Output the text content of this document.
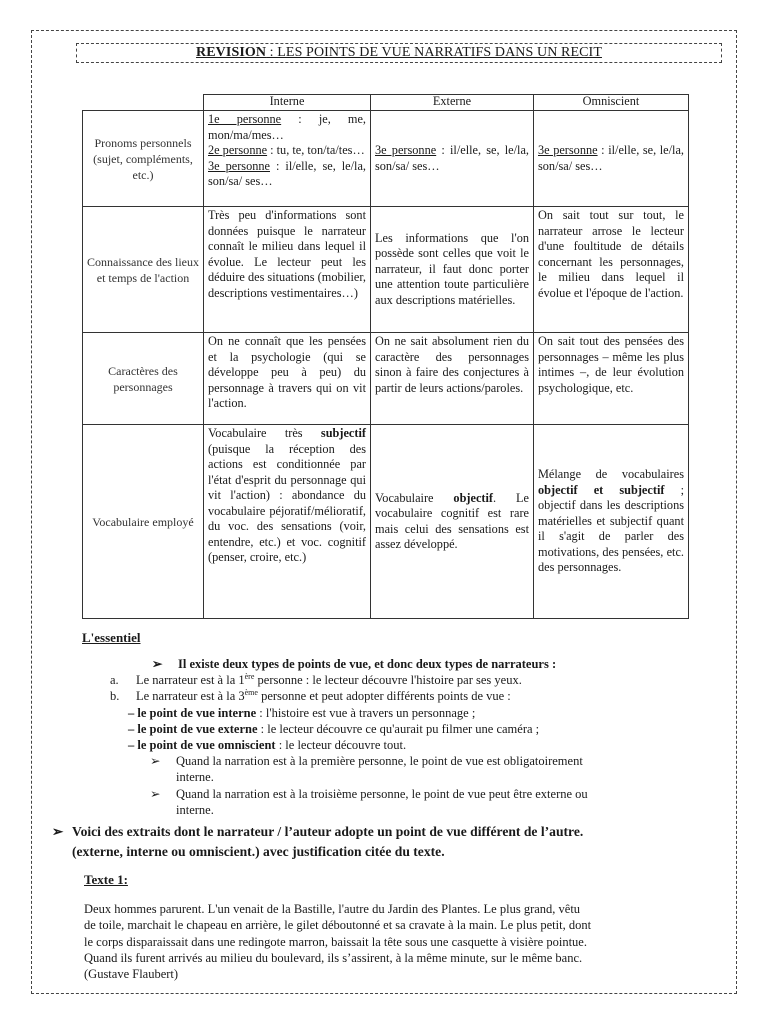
REVISION : LES POINTS DE VUE NARRATIFS DANS UN RECIT
	Interne	Externe	Omniscient
Pronoms personnels (sujet, compléments, etc.)	1e personne : je, me, mon/ma/mes…
2e personne : tu, te, ton/ta/tes…
3e personne : il/elle, se, le/la, son/sa/ ses…	3e personne : il/elle, se, le/la, son/sa/ ses…	3e personne : il/elle, se, le/la, son/sa/ ses…
Connaissance des lieux et temps de l'action	Très peu d'informations sont données puisque le narrateur connaît le milieu dans lequel il évolue. Le lecteur peut les déduire des situations (mobilier, descriptions vestimentaires…)	Les informations que l'on possède sont celles que voit le narrateur, il faut donc porter une attention toute particulière aux descriptions matérielles.	On sait tout sur tout, le narrateur arrose le lecteur d'une foultitude de détails concernant les personnages, le milieu dans lequel il évolue et l'époque de l'action.
Caractères des personnages	On ne connaît que les pensées et la psychologie (qui se développe peu à peu) du personnage à travers qui on vit l'action.	On ne sait absolument rien du caractère des personnages sinon à faire des conjectures à partir de leurs actions/paroles.	On sait tout des pensées des personnages – même les plus intimes –, de leur évolution psychologique, etc.
Vocabulaire employé	Vocabulaire très subjectif (puisque la réception des actions est conditionnée par l'état d'esprit du personnage qui vit l'action) : abondance du vocabulaire péjoratif/mélioratif, du voc. des sensations (voir, entendre, etc.) et voc. cognitif (penser, croire, etc.)	Vocabulaire objectif. Le vocabulaire cognitif est rare mais celui des sensations est assez développé.	Mélange de vocabulaires objectif et subjectif ; objectif dans les descriptions matérielles et subjectif quant il s'agit de parler des motivations, des pensées, etc. des personnages.
L'essentiel
➢ Il existe deux types de points de vue, et donc deux types de narrateurs :
a. Le narrateur est à la 1ère personne : le lecteur découvre l'histoire par ses yeux.
b. Le narrateur est à la 3ème personne et peut adopter différents points de vue :
– le point de vue interne : l'histoire est vue à travers un personnage ;
– le point de vue externe : le lecteur découvre ce qu'aurait pu filmer une caméra ;
– le point de vue omniscient : le lecteur découvre tout.
➢ Quand la narration est à la première personne, le point de vue est obligatoirement
interne.
➢ Quand la narration est à la troisième personne, le point de vue peut être externe ou
interne.
➢ Voici des extraits dont le narrateur / l’auteur adopte un point de vue différent de l’autre.
(externe, interne ou omniscient.) avec justification citée du texte.
Texte 1:
Deux hommes parurent. L'un venait de la Bastille, l'autre du Jardin des Plantes. Le plus grand, vêtu
de toile, marchait le chapeau en arrière, le gilet déboutonné et sa cravate à la main. Le plus petit, dont
le corps disparaissait dans une redingote marron, baissait la tête sous une casquette à visière pointue.
Quand ils furent arrivés au milieu du boulevard, ils s’assirent, à la même minute, sur le même banc.
(Gustave Flaubert)
